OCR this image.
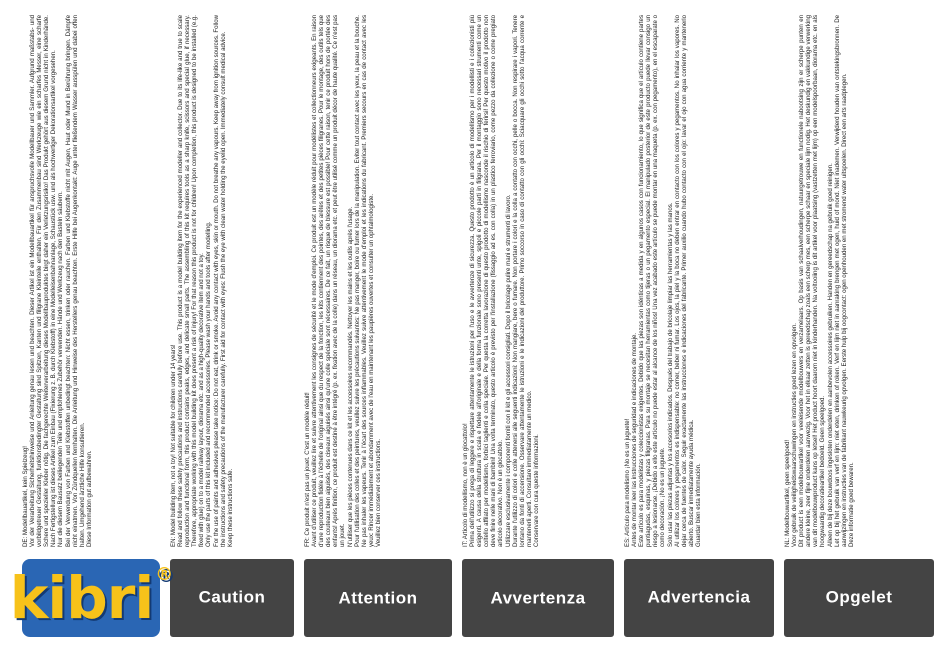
kibri ®
DE: Modellbauartikel, kein Spielzeug! Vor der Verarbeitung Sicherheitshinweise und Anleitung genau lesen und beachten. Dieser Artikel ist ein Modellbauartikel für anspruchsvolle Modellbauer und Sammler. Aufgrund maßstabs- und vorbildgetreuer Gestaltung, funktionsbedingter Gestaltung sind Spitzen, Kanten und filigrane Kleinteile enthalten. Für den Zusammenbau sind Werkzeuge wie ein scharfes Messer, eine scharfe Schere und spezieller Kleber nötig. Die fachgerechte Weiterverarbeitung dieses Modellbauproduktes birgt daher ein Verletzungsrisiko! Das Produkt gehört aus diesem Grund nicht in Kinderhände. Nach Fertigstellung ist dieses Artikel zum Einbau (Fixierung z. B. durch Klebstoff) in eine Modelleisenbahnanlage, Schaustück usw. und als hochwertiger Dekorationsartikel vorgesehen. Nur die diesem Bausatz beiliegenden Teile und empfohlenes Zubehör verwenden. Hände und Werkzeug nach den Basteln säubern. Bei der Verwendung von Farben und Klebstoffen unbedingt beachten: Nicht essen, trinken oder rauchen. Farben und Klebstoffe nicht mit Augen, Haut oder Mund in Berührung bringen. Dämpfe nicht einatmen. Von Zündquellen fernhalten. Die Anleitung und Hinweise des Herstellers genau beachten. Erste Hilfe bei Augenkontakt: Auge unter fließendem Wasser ausspülen und dabei offen halten. Umgehend ärztliche Hilfe konsultieren. Diese Information gut aufbewahren.	EN: Model building item, not a toy! Not suitable for children under 14 years! Read and follow these safety precautions and instructions carefully before use. This product is a model building item for the experienced modeller and collector. Due to its life-like and true to scale reproduction and functional form, this product contains peaks, edges, and delicate small parts. The assembling of this kit requires tools as a sharp knife, scissors and special glue, if necessary. Therefore, appropriate working with this model building kit does present a risk of injury! For that reason this product is not for children! Upon completion, this product is designed to be installed (e.g. fixed with glue) on to a model railway layout, diorama etc. and as a high-quality decorative item and not a toy. Only use the parts of this kit included and recommended accessories. Please wash your hands and tools after modelling. For the use of paints and adhesives please take notice: Do not eat, drink or smoke. Avoid any contact with eyes, skin or mouth. Do not breathe any vapours. Keep away from ignition sources. Follow the instructions and safety precautions of the manufacturer carefully. First aid for contact with eyes: Flush the eye with clean water holding the eyelid open. Immediately consult medical advice. Keep these instructions safe.
Caution
FR: Ce produit n'est pas un jouet. C'est un modèle réduit! Avant d'utiliser ce produit, veuillez lire et suivre attentivement les consignes de sécurité et le mode d'emploi. Ce produit est un modèle réduit pour modélistes et collectionneurs exigeants. En raison d'une reproduction fidèle à l'échelle de l'original ainsi que du respect de la fonction, les kits contiennent des pointes, des arêtes et des petites pièces filigranes. Pour le montage, des outils tels que des couteaux bien aiguisés, des ciseaux aiguisés ainsi qu'une colle spéciale sont nécessaires. De ce fait, un risque de blessure est possible! Pour cette raison, tenir ce produit hors de portée des enfants! Après finition, ce produit est destiné à être intégré (p. ex. fixation avec de la colle) dans un réseau, un diorama etc. et peut être utilisé comme un produit décor de haute qualité. Ce n'est pas un jouet. N'utiliser que les pièces contenues dans ce kit et les accessoires recommandés. Nettoyer les mains et les outils après l'usage. Pour l'utilisation des colles et des peintures, veuillez suivre les précautions suivantes: Ne pas manger, boire ou fumer lors de la manipulation. Eviter tout contact avec les yeux, la peau et la bouche. Ne pas inhaler les vapeurs. Tenir à l'écart des sources inflammables. Veuillez suivre attentivement le mode d'emploi et les indications du fabricant. Premiers secours en cas de contact avec les yeux: Rincer immédiatement et abondamment avec de l'eau en maintenant les paupières ouvertes et consulter un ophtalmologiste. Veuillez bien conserver ces instructions.
Attention
IT: Articolo di modellismo, non è un giocattolo! Prima dell'utilizzo si prega di leggere e rispettare attentamente le istruzioni per l'uso e le avvertenze di sicurezza. Questo prodotto è un articolo di modellismo per i modellisti e i collezionisti più esigenti. A causa della struttura in scala e fedele all'originale e della forma funzionale sono presenti unte, spigoli e piccole parti in filigrana. Per il montaggio sono necessari strumenti come un coltello affilato per modellismo, forbici taglienti e colla speciale. Per questa la corretta lavorazione di questo prodotto di modellismo nasconde il rischio di ferirsi! Per questo motivo il prodotto non deve finire nelle mani di bambini! Una volta terminato, questo articolo è previsto per l'installazione (fissaggio ad es. con colla) in un plastico ferroviario, come pezzo da collezione o come pregiato articolo decorativo. Non è un giocattolo. Utilizzare esclusivamente i componenti forniti con il kit e gli accessori consigliati. Dopo il bricolage pulire mani e strumenti di lavoro. Durante l'utilizzo di colori e colle attenersi alle seguenti indicazioni: Non mangiare, bere o fumare. Non portare i colori e la colla a contatto con occhi, pelle o bocca. Non respirare i vapori. Tenere lontano da fonti di accensione. Osservare attentamente le istruzioni e le indicazioni del produttore. Primo soccorso in caso di contatto con gli occhi: Sciacquare gli occhi sotto l'acqua corrente e mantenerli aperti. Consultare immediatamente un medico. Conservare con cura queste informazioni.
Avvertenza
ES: Artículo para modelismo ¡No es un juguete! Antes de montar leer las instrucciones de seguridad e indicaciones de montaje. Este artículo es para modelistas y coleccionistas exigentes. Debido que las piezas son idénticas a medida y en algunos casos con funcionamiento, lo que significa que el artículo contiene partes puntiagudas, esquinas, y piezas filigranas. Para su montaje se necesitan herramientas como tijeras o un pegamento especial. El manipulado posterior de este producto puede llevar consigo un riesgo a lesionarse. ¡Debido a ello este artículo no puede estar al alcance de los niños! Una vez acabado este artículo se puede montar en una maqueta (p. ex. con pegamento), en el escaparate o como decoración. ¡No es un juguete. Solo usar las piezas adjuntas y los accesorios indicados. Después del trabajo de bricolaje limpiar las herramientas y las manos. Al utilizar los colores y pegamentos es indispensable: no comer, beber ni fumar. Los ojos, la piel y la boca no deben entrar en contacto con los colores y pegamentos. No inhalar los vapores. No dejar cerca de fuentes de calor. Seguir exactamente las instrucciones e indicaciones del fabricante. Primer auxilio cuando hubo contacto con el ojo: lavar el ojo con agua corriente y mantenerlo abierto. Buscar inmediatamente ayuda médica. Guardar bien esta información.
Advertencia
NL: Modelbouwartikel, geen speelgoed! Voor gebruik de veiligheidswaarschuwingen en instructies goed lezen en opvolgen. Dit product is een modelbouwartikel voor veeleisende modelbouwers en verzamelaars. Op basis van schaalverhoudingen, natuurgetrouwe en functionele nabootsing zijn er scherpe punten en andere kleine, zeer fijne onderdelen aanwezig. Voor het in elkaar zetten is gereedschap zoals een scherp mes, een scherpe schaar en speciale lijm nodig. Het deskundig en vakkundige verwerking van dit modelbouwproduct kans op letsel! Het product hoort daarom niet in kinderhanden. Na voltooiing is dit artikel voor plaatsing (vastzetten met lijm) op een modelspoorbaan, diorama etc. en als hoogwaardig decoratieartikel bedoeld. Geen speelgoed. Alleen de bij deze bouwdoos ingesloten onderdelen en aanbevolen accessoires gebruiken. Handen en gereedschap na gebruik goed reinigen. Let op bij het gebruik van verf en lijm: niet eten, drinken of roken. Verf en lijm niet in aanraking brengen met ogen, huid of mond. Niet inademen. Verwijderd houden van ontstekingsbronnen. De aanwijzingen en instructies van de fabrikant nauwkeurig opvolgen. Eerste hulp bij oogcontact: ogen openhouden en met stromend water uitspoelen. Direct een arts raadplegen. Deze informatie goed bewaren.
Opgelet
